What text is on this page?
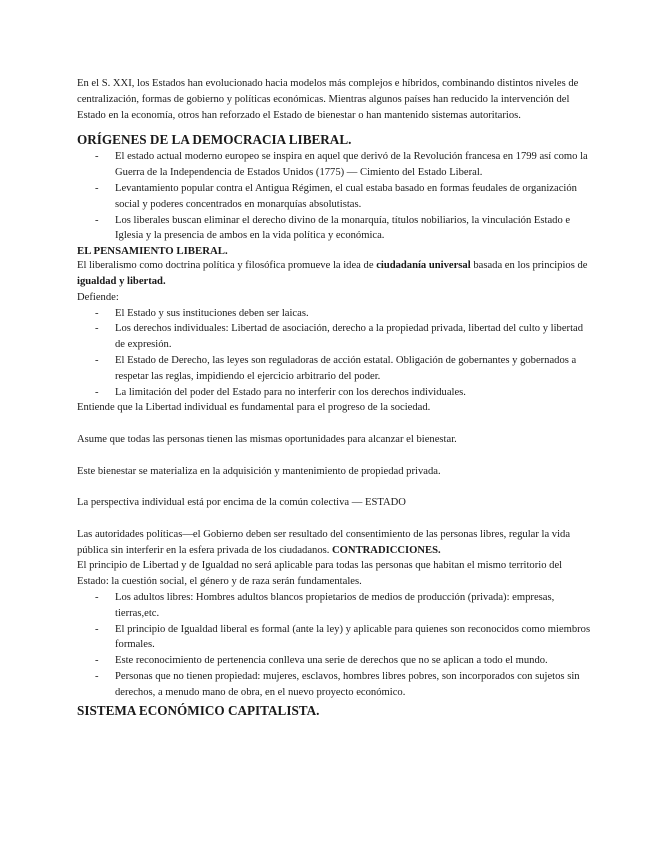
En el S. XXI, los Estados han evolucionado hacia modelos más complejos e híbridos, combinando distintos niveles de centralización, formas de gobierno y políticas económicas. Mientras algunos países han reducido la intervención del Estado en la economía, otros han reforzado el Estado de bienestar o han mantenido sistemas autoritarios.

ORÍGENES DE LA DEMOCRACIA LIBERAL.
- El estado actual moderno europeo se inspira en aquel que derivó de la Revolución francesa en 1799 así como la Guerra de la Independencia de Estados Unidos (1775) — Cimiento del Estado Liberal.
- Levantamiento popular contra el Antigua Régimen, el cual estaba basado en formas feudales de organización social y poderes concentrados en monarquías absolutistas.
- Los liberales buscan eliminar el derecho divino de la monarquía, títulos nobiliarios, la vinculación Estado e Iglesia y la presencia de ambos en la vida política y económica.
EL PENSAMIENTO LIBERAL.

El liberalismo como doctrina política y filosófica promueve la idea de ciudadanía universal basada en los principios de igualdad y libertad.

Defiende:

- El Estado y sus instituciones deben ser laicas.
- Los derechos individuales: Libertad de asociación, derecho a la propiedad privada, libertad del culto y libertad de expresión.
- El Estado de Derecho, las leyes son reguladoras de acción estatal. Obligación de gobernantes y gobernados a respetar las reglas, impidiendo el ejercicio arbitrario del poder.
- La limitación del poder del Estado para no interferir con los derechos individuales.

Entiende que la Libertad individual es fundamental para el progreso de la sociedad.

Asume que todas las personas tienen las mismas oportunidades para alcanzar el bienestar.

Este bienestar se materializa en la adquisición y mantenimiento de propiedad privada.

La perspectiva individual está por encima de la común colectiva — ESTADO

Las autoridades políticas—el Gobierno deben ser resultado del consentimiento de las personas libres, regular la vida pública sin interferir en la esfera privada de los ciudadanos. CONTRADICCIONES.

El principio de Libertad y de Igualdad no será aplicable para todas las personas que habitan el mismo territorio del Estado: la cuestión social, el género y de raza serán fundamentales.

- Los adultos libres: Hombres adultos blancos propietarios de medios de producción (privada): empresas, tierras,etc.
- El principio de Igualdad liberal es formal (ante la ley) y aplicable para quienes son reconocidos como miembros formales.
- Este reconocimiento de pertenencia conlleva una serie de derechos que no se aplican a todo el mundo.
- Personas que no tienen propiedad: mujeres, esclavos, hombres libres pobres, son incorporados con sujetos sin derechos, a menudo mano de obra, en el nuevo proyecto económico.
SISTEMA ECONÓMICO CAPITALISTA.
